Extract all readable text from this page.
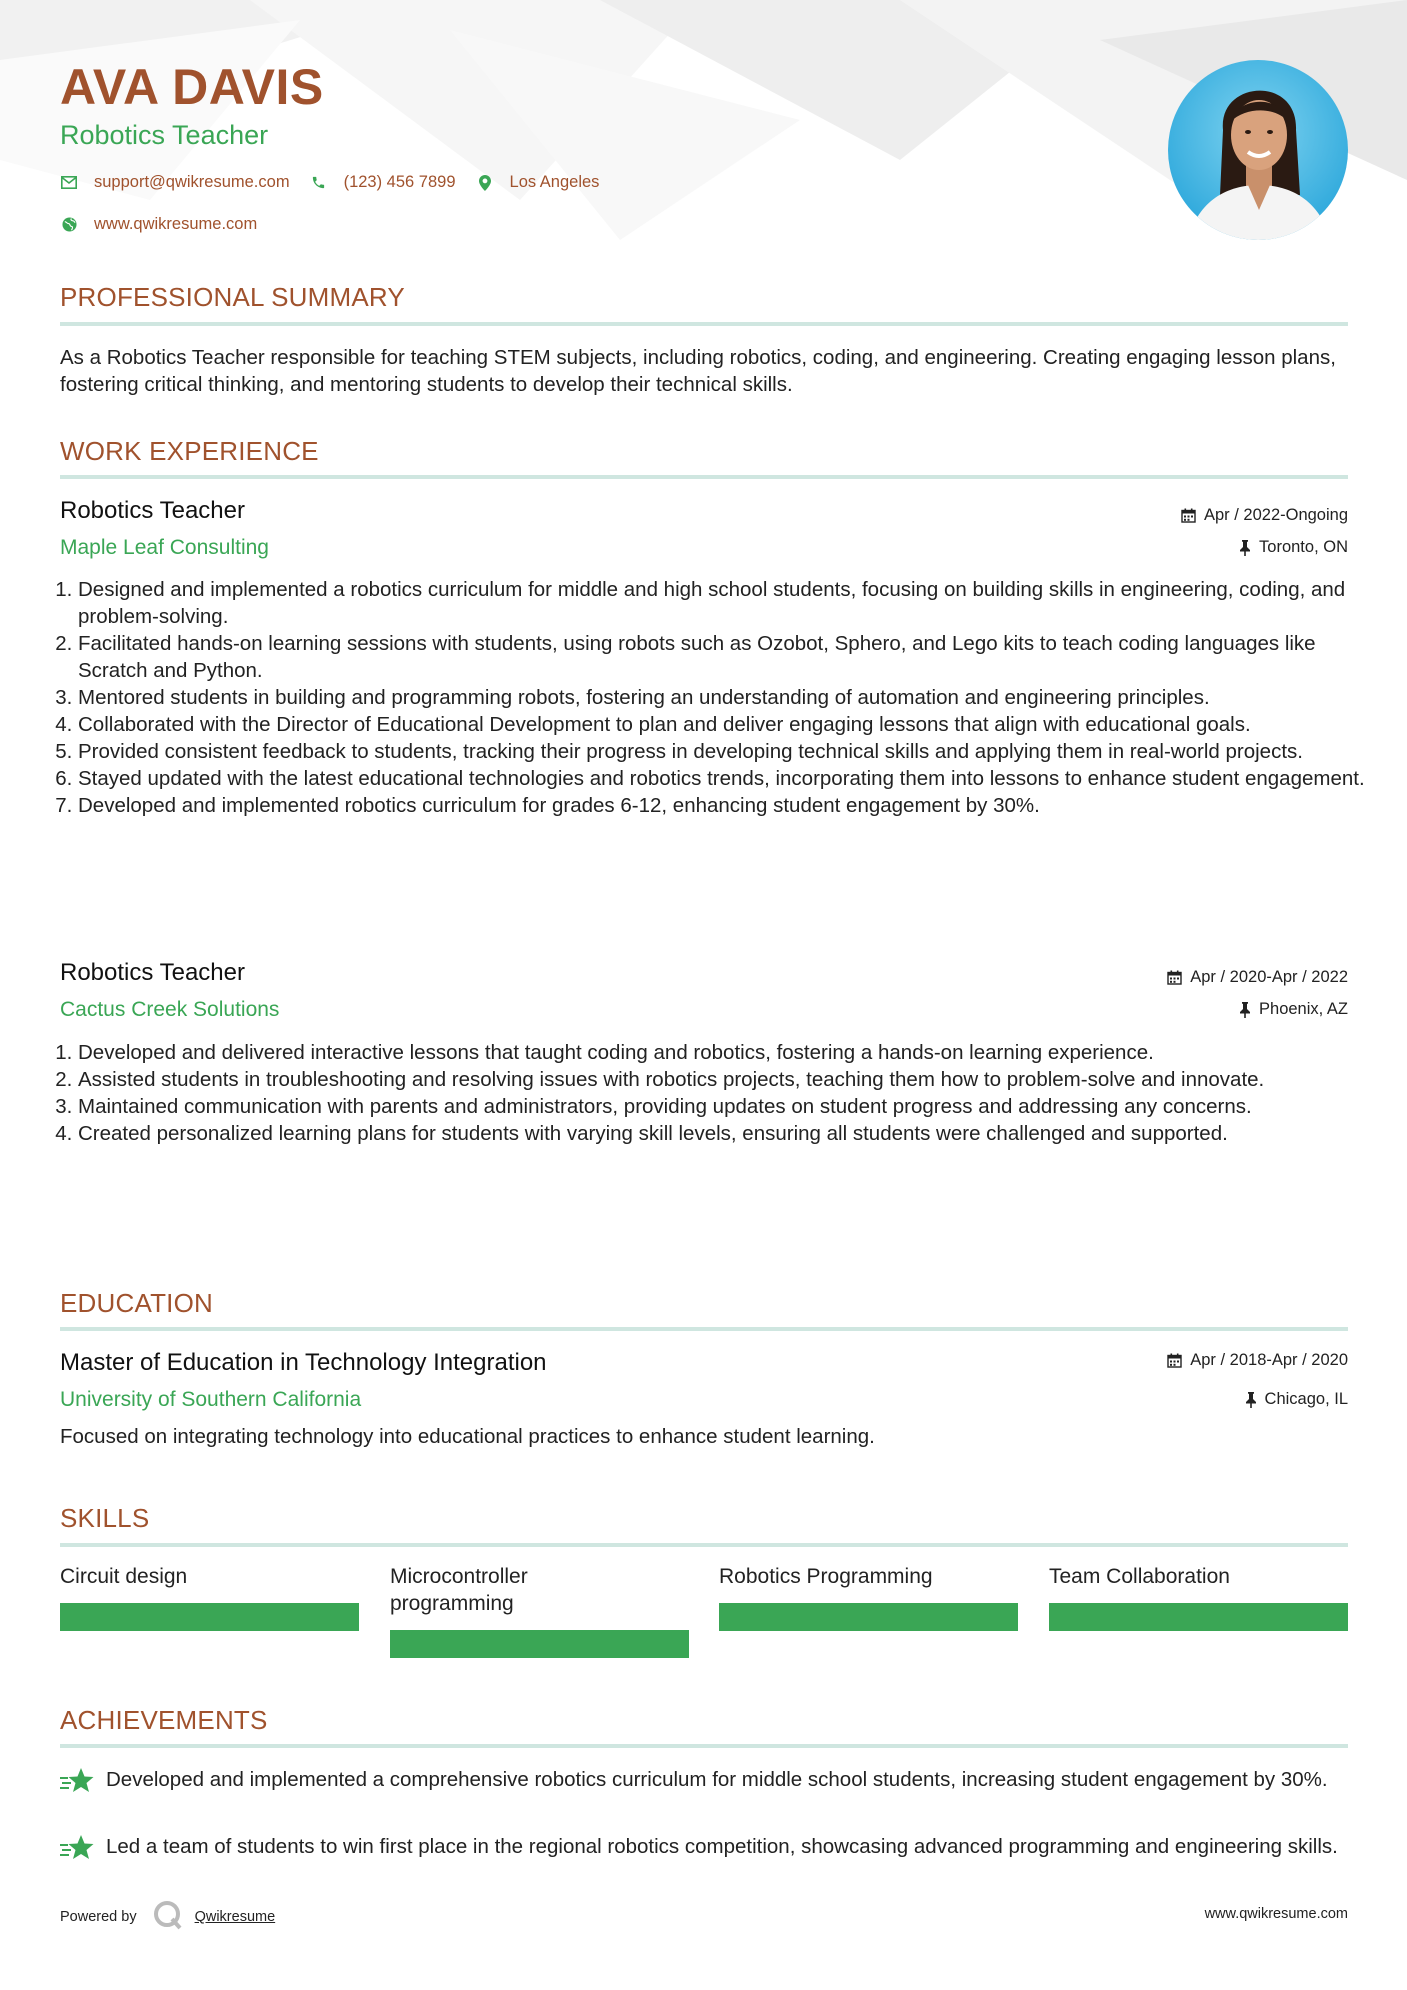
AVA DAVIS
Robotics Teacher
support@qwikresume.com	(123) 456 7899	Los Angeles
www.qwikresume.com
PROFESSIONAL SUMMARY

As a Robotics Teacher responsible for teaching STEM subjects, including robotics, coding, and engineering. Creating engaging lesson plans, fostering critical thinking, and mentoring students to develop their technical skills.

WORK EXPERIENCE
Robotics Teacher	Apr / 2022-Ongoing
Maple Leaf Consulting	Toronto, ON
1. Designed and implemented a robotics curriculum for middle and high school students, focusing on building skills in engineering, coding, and problem-solving.
2. Facilitated hands-on learning sessions with students, using robots such as Ozobot, Sphero, and Lego kits to teach coding languages like Scratch and Python.
3. Mentored students in building and programming robots, fostering an understanding of automation and engineering principles.
4. Collaborated with the Director of Educational Development to plan and deliver engaging lessons that align with educational goals.
5. Provided consistent feedback to students, tracking their progress in developing technical skills and applying them in real-world projects.
6. Stayed updated with the latest educational technologies and robotics trends, incorporating them into lessons to enhance student engagement.
7. Developed and implemented robotics curriculum for grades 6-12, enhancing student engagement by 30%.
Robotics Teacher	Apr / 2020-Apr / 2022
Cactus Creek Solutions	Phoenix, AZ
1. Developed and delivered interactive lessons that taught coding and robotics, fostering a hands-on learning experience.
2. Assisted students in troubleshooting and resolving issues with robotics projects, teaching them how to problem-solve and innovate.
3. Maintained communication with parents and administrators, providing updates on student progress and addressing any concerns.
4. Created personalized learning plans for students with varying skill levels, ensuring all students were challenged and supported.
EDUCATION
Master of Education in Technology Integration	Apr / 2018-Apr / 2020
University of Southern California	Chicago, IL
Focused on integrating technology into educational practices to enhance student learning.
SKILLS
Circuit design	Microcontroller programming
Robotics Programming	Team Collaboration
ACHIEVEMENTS
Developed and implemented a comprehensive robotics curriculum for middle school students, increasing student engagement by 30%.
Led a team of students to win first place in the regional robotics competition, showcasing advanced programming and engineering skills.
Powered by	Qwikresume	www.qwikresume.com
